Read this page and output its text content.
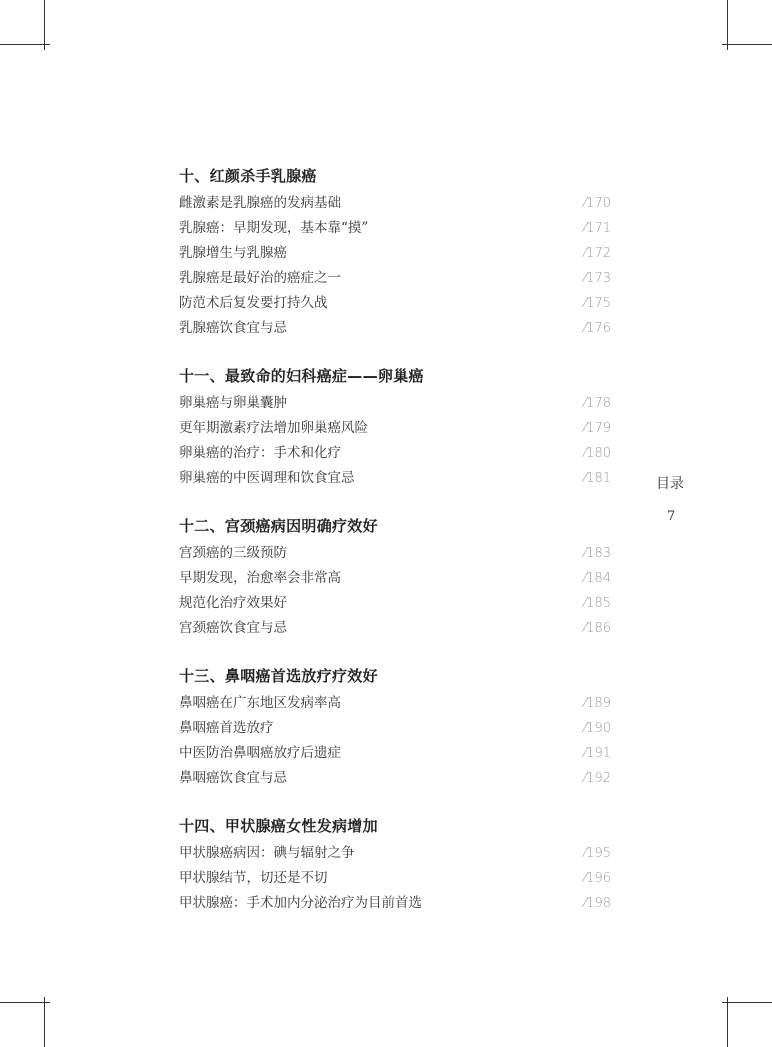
十、红颜杀手乳腺癌
雌激素是乳腺癌的发病基础	⁄170
乳腺癌：早期发现，基本靠“摸”	⁄171
乳腺增生与乳腺癌	⁄172
乳腺癌是最好治的癌症之一	⁄173
防范术后复发要打持久战	⁄175
乳腺癌饮食宜与忌	⁄176
十一、最致命的妇科癌症——卵巢癌
卵巢癌与卵巢囊肿	⁄178
更年期激素疗法增加卵巢癌风险	⁄179
卵巢癌的治疗：手术和化疗	⁄180
卵巢癌的中医调理和饮食宜忌	⁄181
十二、宫颈癌病因明确疗效好
宫颈癌的三级预防	⁄183
早期发现，治愈率会非常高	⁄184
规范化治疗效果好	⁄185
宫颈癌饮食宜与忌	⁄186
十三、鼻咽癌首选放疗疗效好
鼻咽癌在广东地区发病率高	⁄189
鼻咽癌首选放疗	⁄190
中医防治鼻咽癌放疗后遗症	⁄191
鼻咽癌饮食宜与忌	⁄192
十四、甲状腺癌女性发病增加
甲状腺癌病因：碘与辐射之争	⁄195
甲状腺结节，切还是不切	⁄196
甲状腺癌：手术加内分泌治疗为目前首选	⁄198
目录
7
